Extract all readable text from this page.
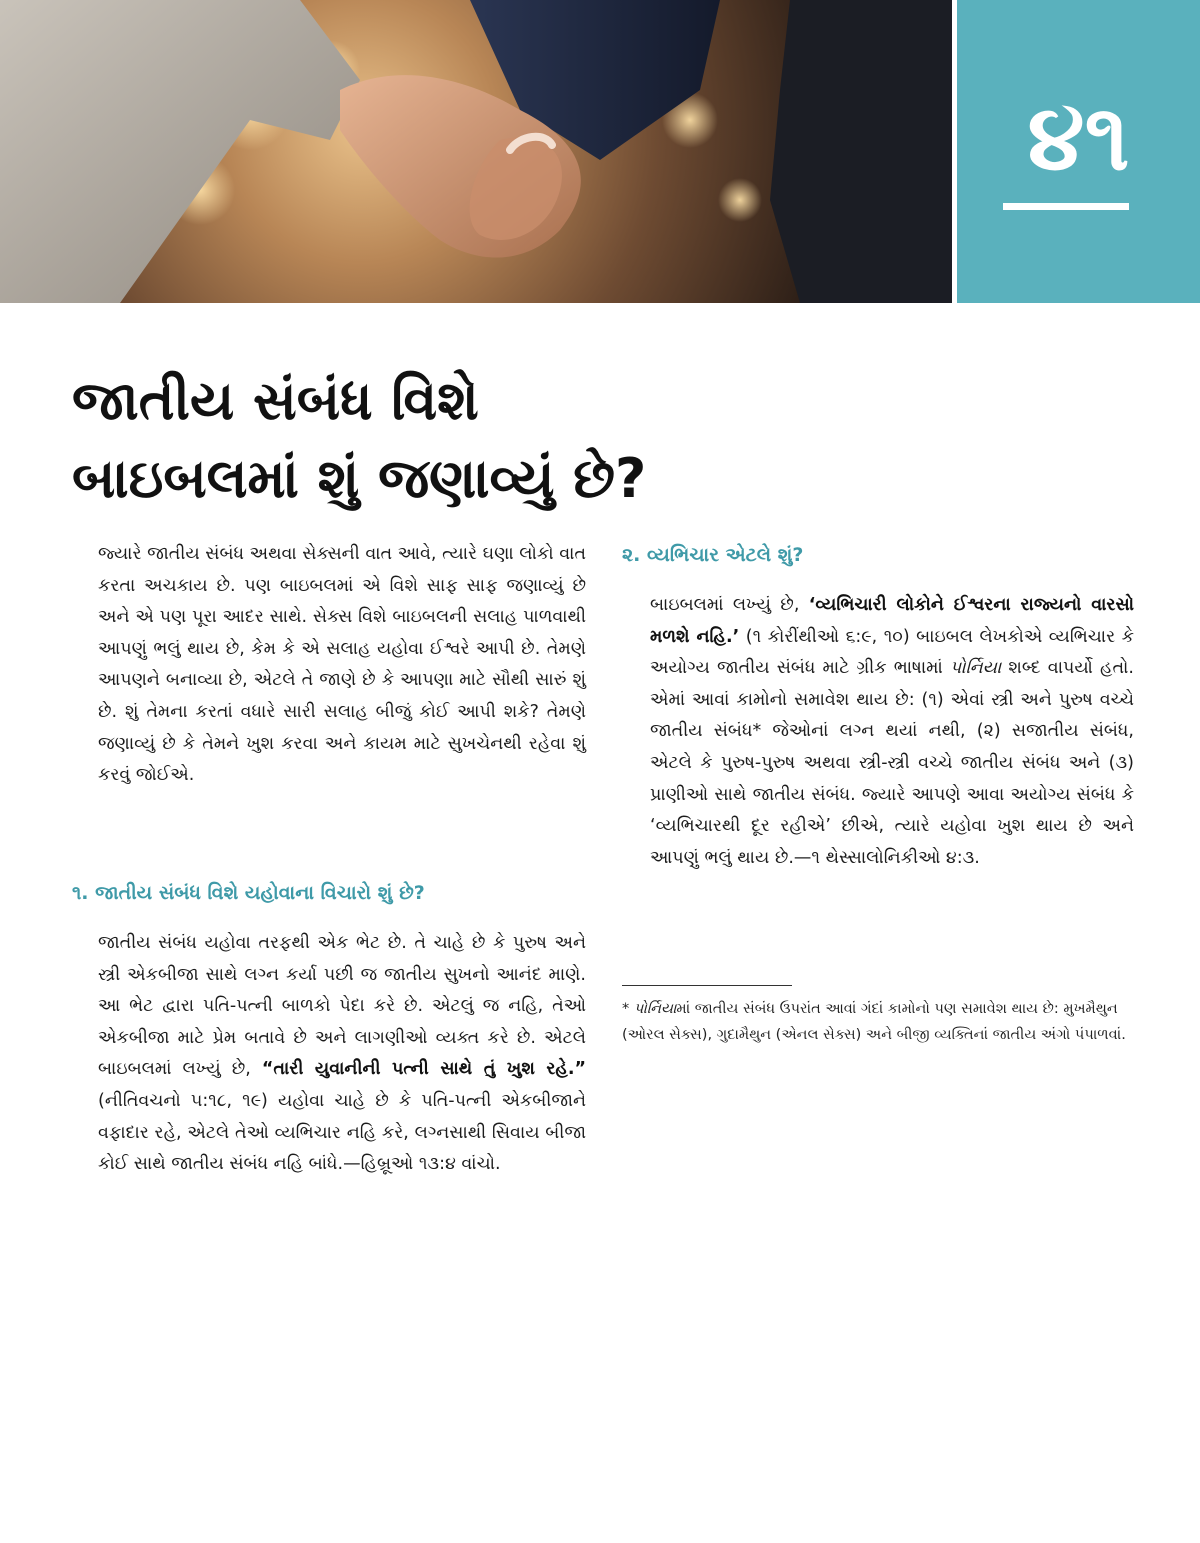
૪૧
જાતીય સંબંધ વિશે
બાઇબલમાં શું જણાવ્યું છે?

જ્યારે જાતીય સંબંધ અથવા સેક્સની વાત આવે, ત્યારે ઘણા લોકો વાત કરતા અચકાય છે. પણ બાઇબલમાં એ વિશે સાફ સાફ જણાવ્યું છે અને એ પણ પૂરા આદર સાથે. સેક્સ વિશે બાઇબલની સલાહ પાળવાથી આપણું ભલું થાય છે, કેમ કે એ સલાહ યહોવા ઈશ્વરે આપી છે. તેમણે આપણને બનાવ્યા છે, એટલે તે જાણે છે કે આપણા માટે સૌથી સારું શું છે. શું તેમના કરતાં વધારે સારી સલાહ બીજું કોઈ આપી શકે? તેમણે જણાવ્યું છે કે તેમને ખુશ કરવા અને કાયમ માટે સુખચેનથી રહેવા શું કરવું જોઈએ.

૧. જાતીય સંબંધ વિશે યહોવાના વિચારો શું છે?

જાતીય સંબંધ યહોવા તરફથી એક ભેટ છે. તે ચાહે છે કે પુરુષ અને સ્ત્રી એકબીજા સાથે લગ્ન કર્યા પછી જ જાતીય સુખનો આનંદ માણે. આ ભેટ દ્વારા પતિ-પત્ની બાળકો પેદા કરે છે. એટલું જ નહિ, તેઓ એકબીજા માટે પ્રેમ બતાવે છે અને લાગણીઓ વ્યક્ત કરે છે. એટલે બાઇબલમાં લખ્યું છે, “તારી યુવાનીની પત્ની સાથે તું ખુશ રહે.” (નીતિવચનો ૫:૧૮, ૧૯) યહોવા ચાહે છે કે પતિ-પત્ની એકબીજાને વફાદાર રહે, એટલે તેઓ વ્યભિચાર નહિ કરે, લગ્નસાથી સિવાય બીજા કોઈ સાથે જાતીય સંબંધ નહિ બાંધે.—હિબ્રૂઓ ૧૩:૪ વાંચો.

૨. વ્યભિચાર એટલે શું?

બાઇબલમાં લખ્યું છે, ‘વ્યભિચારી લોકોને ઈશ્વરના રાજ્યનો વારસો મળશે નહિ.’ (૧ કોરીંથીઓ ૬:૯, ૧૦) બાઇબલ લેખકોએ વ્યભિચાર કે અયોગ્ય જાતીય સંબંધ માટે ગ્રીક ભાષામાં પોર્નિયા શબ્દ વાપર્યો હતો. એમાં આવાં કામોનો સમાવેશ થાય છે: (૧) એવાં સ્ત્રી અને પુરુષ વચ્ચે જાતીય સંબંધ* જેઓનાં લગ્ન થયાં નથી, (૨) સજાતીય સંબંધ, એટલે કે પુરુષ-પુરુષ અથવા સ્ત્રી-સ્ત્રી વચ્ચે જાતીય સંબંધ અને (૩) પ્રાણીઓ સાથે જાતીય સંબંધ. જ્યારે આપણે આવા અયોગ્ય સંબંધ કે ‘વ્યભિચારથી દૂર રહીએ’ છીએ, ત્યારે યહોવા ખુશ થાય છે અને આપણું ભલું થાય છે.—૧ થેસ્સાલોનિકીઓ ૪:૩.

* પોર્નિયામાં જાતીય સંબંધ ઉપરાંત આવાં ગંદાં કામોનો પણ સમાવેશ થાય છે: મુખમૈથુન (ઓરલ સેક્સ), ગુદામૈથુન (એનલ સેક્સ) અને બીજી વ્યક્તિનાં જાતીય અંગો પંપાળવાં.
